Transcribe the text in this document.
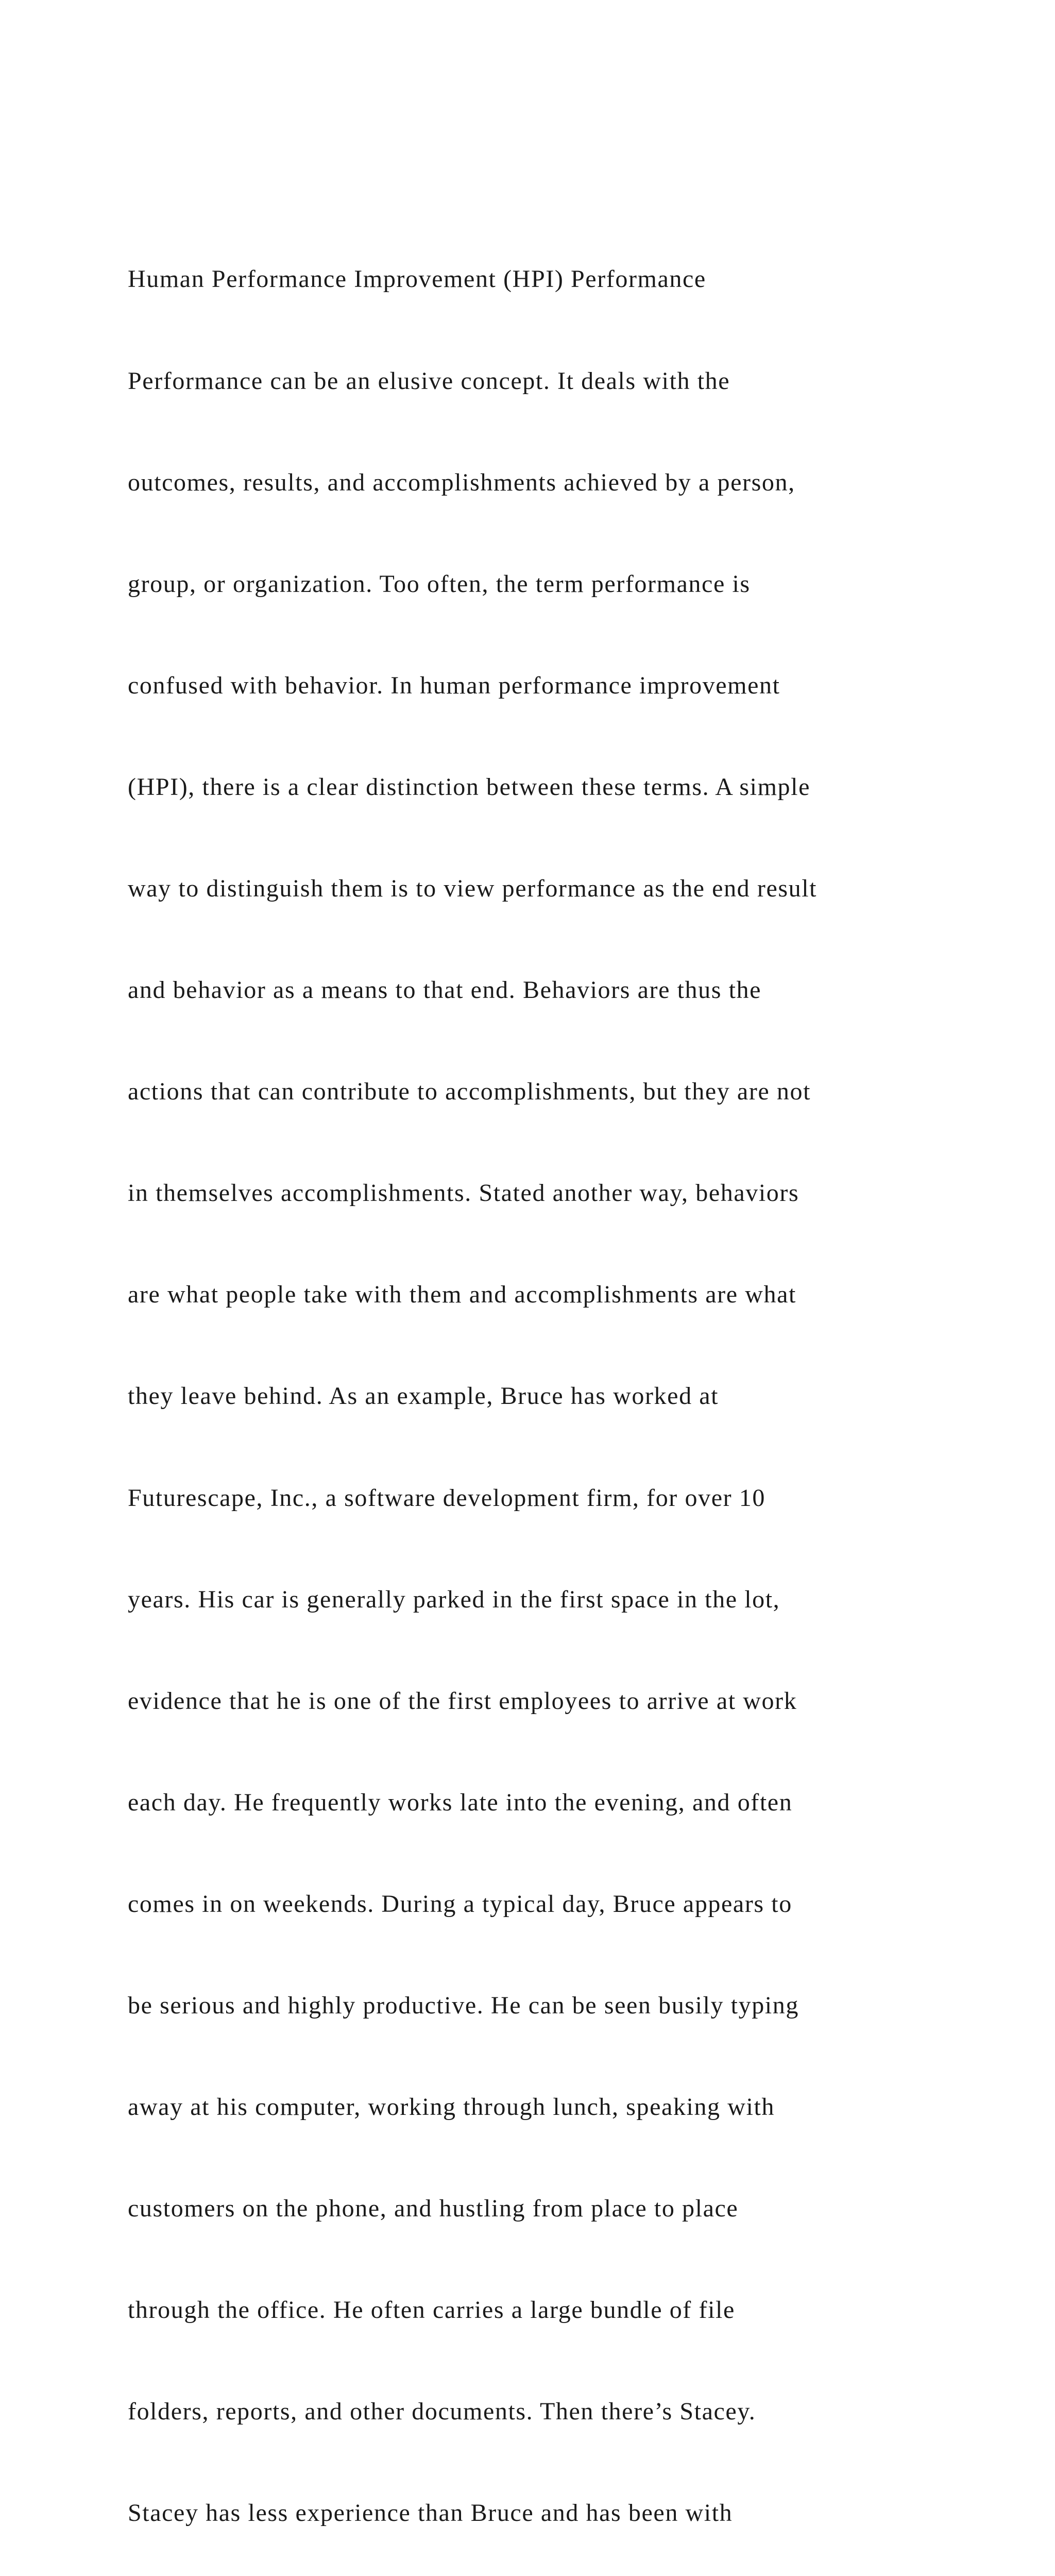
Human Performance Improvement (HPI) Performance

Performance can be an elusive concept. It deals with the

outcomes, results, and accomplishments achieved by a person,

group, or organization. Too often, the term performance is

confused with behavior. In human performance improvement

(HPI), there is a clear distinction between these terms. A simple

way to distinguish them is to view performance as the end result

and behavior as a means to that end. Behaviors are thus the

actions that can contribute to accomplishments, but they are not

in themselves accomplishments. Stated another way, behaviors

are what people take with them and accomplishments are what

they leave behind. As an example, Bruce has worked at

Futurescape, Inc., a software development firm, for over 10

years. His car is generally parked in the first space in the lot,

evidence that he is one of the first employees to arrive at work

each day. He frequently works late into the evening, and often

comes in on weekends. During a typical day, Bruce appears to

be serious and highly productive. He can be seen busily typing

away at his computer, working through lunch, speaking with

customers on the phone, and hustling from place to place

through the office. He often carries a large bundle of file

folders, reports, and other documents. Then there’s Stacey.

Stacey has less experience than Bruce and has been with
